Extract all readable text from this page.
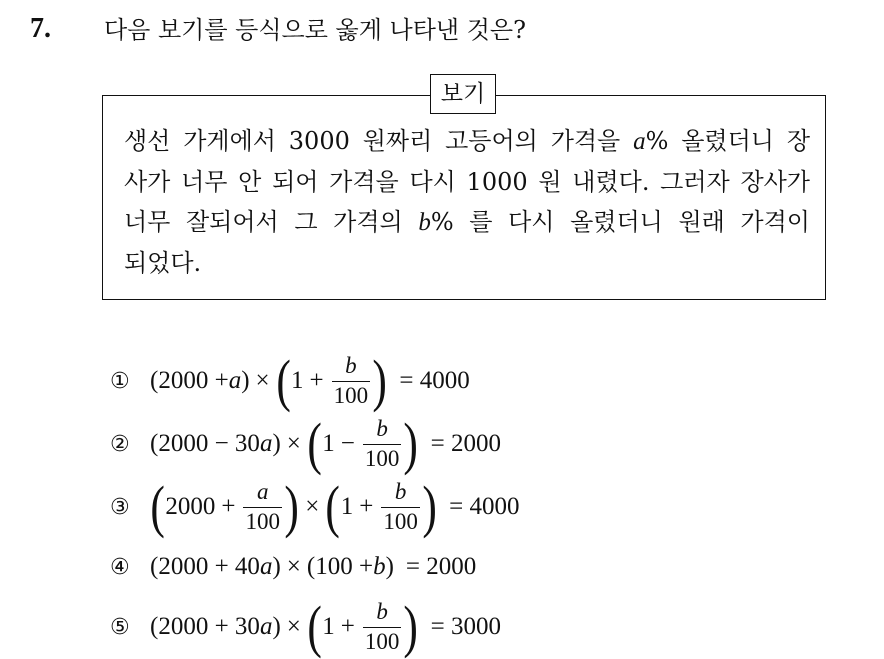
7. 다음 보기를 등식으로 옳게 나타낸 것은?
보기
생선 가게에서 3000 원짜리 고등어의 가격을 a% 올렸더니 장
사가 너무 안 되어 가격을 다시 1000 원 내렸다. 그러자 장사가
너무 잘되어서 그 가격의 b% 를 다시 올렸더니 원래 가격이
되었다.
① (2000 + a ) × ( $1 + \frac{b}{100}$ ) = 4000
② (2000 − 30 a ) × ( $1 - \frac{b}{100}$ ) = 2000
③ ( $2000 + \frac{a}{100}$ ) × ( $1 + \frac{b}{100}$ ) = 4000
④ (2000 + 40 a ) × (100 + b ) = 2000
⑤ (2000 + 30 a ) × ( $1 + \frac{b}{100}$ ) = 3000
